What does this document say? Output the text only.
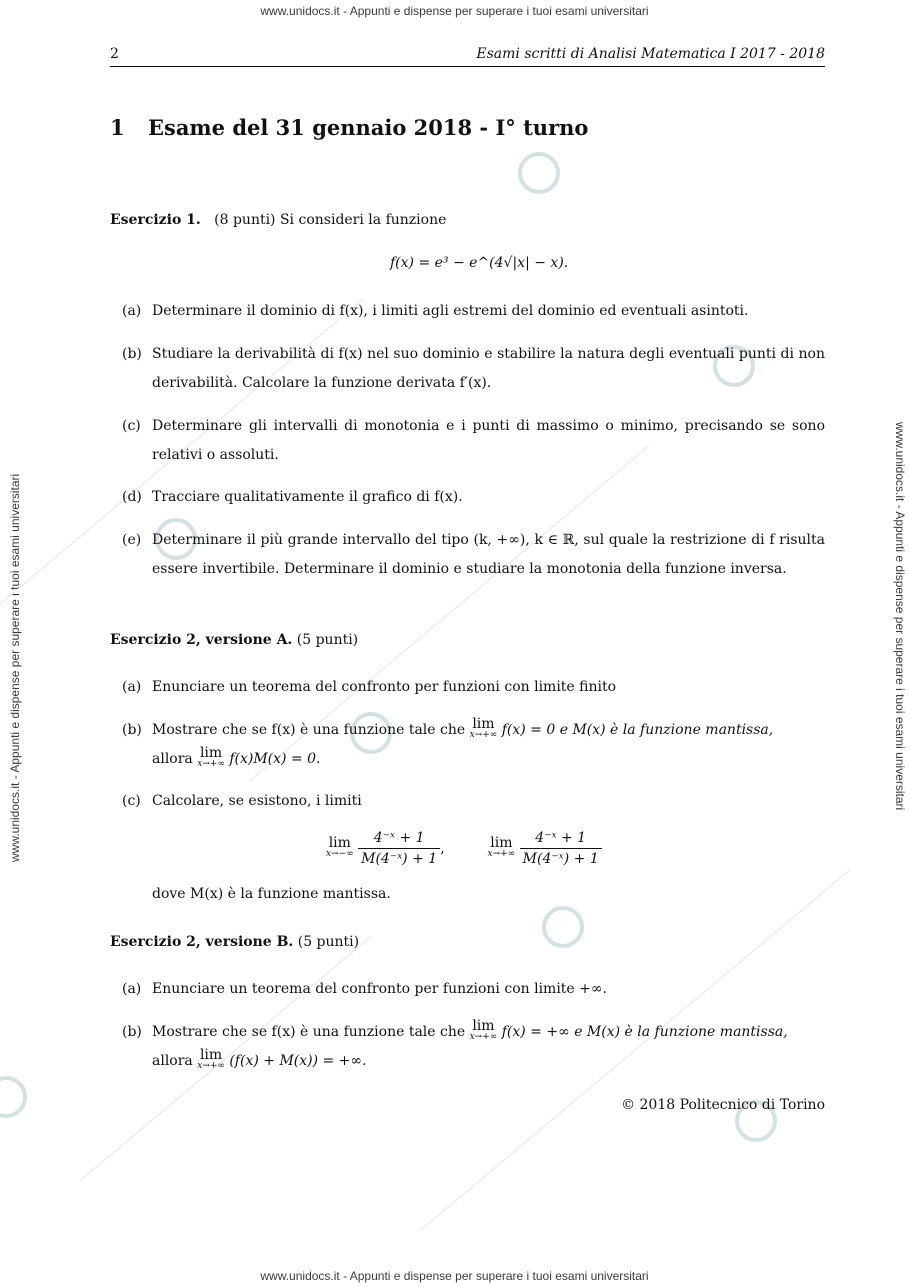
www.unidocs.it - Appunti e dispense per superare i tuoi esami universitari
www.unidocs.it - Appunti e dispense per superare i tuoi esami universitari
www.unidocs.it - Appunti e dispense per superare i tuoi esami universitari	www.unidocs.it - Appunti e dispense per superare i tuoi esami universitari
2	Esami scritti di Analisi Matematica I 2017 - 2018
1 Esame del 31 gennaio 2018 - I° turno
Esercizio 1. (8 punti) Si consideri la funzione
f(x) = e³ − e^(4√|x| − x).
(a) Determinare il dominio di f(x), i limiti agli estremi del dominio ed eventuali asintoti.
(b) Studiare la derivabilità di f(x) nel suo dominio e stabilire la natura degli eventuali punti di non derivabilità. Calcolare la funzione derivata f′(x).
(c) Determinare gli intervalli di monotonia e i punti di massimo o minimo, precisando se sono relativi o assoluti.
(d) Tracciare qualitativamente il grafico di f(x).
(e) Determinare il più grande intervallo del tipo (k, +∞), k ∈ ℝ, sul quale la restrizione di f risulta essere invertibile. Determinare il dominio e studiare la monotonia della funzione inversa.
Esercizio 2, versione A. (5 punti)
(a) Enunciare un teorema del confronto per funzioni con limite finito
(b) Mostrare che se f(x) è una funzione tale che lim
x→+∞ f(x) = 0 e M(x) è la funzione mantissa,
allora lim
x→+∞ f(x)M(x) = 0.
(c) Calcolare, se esistono, i limiti
lim
x→−∞
$\frac{\text{4⁻ˣ + 1}}{\text{M(4⁻ˣ) + 1}}$ ,	lim
x→+∞
$\frac{\text{4⁻ˣ + 1}}{\text{M(4⁻ˣ) + 1}}$
dove M(x) è la funzione mantissa.
Esercizio 2, versione B. (5 punti)
(a) Enunciare un teorema del confronto per funzioni con limite +∞.
(b) Mostrare che se f(x) è una funzione tale che lim
x→+∞ f(x) = +∞ e M(x) è la funzione mantissa,
allora lim
x→+∞ (f(x) + M(x)) = +∞.
© 2018 Politecnico di Torino
